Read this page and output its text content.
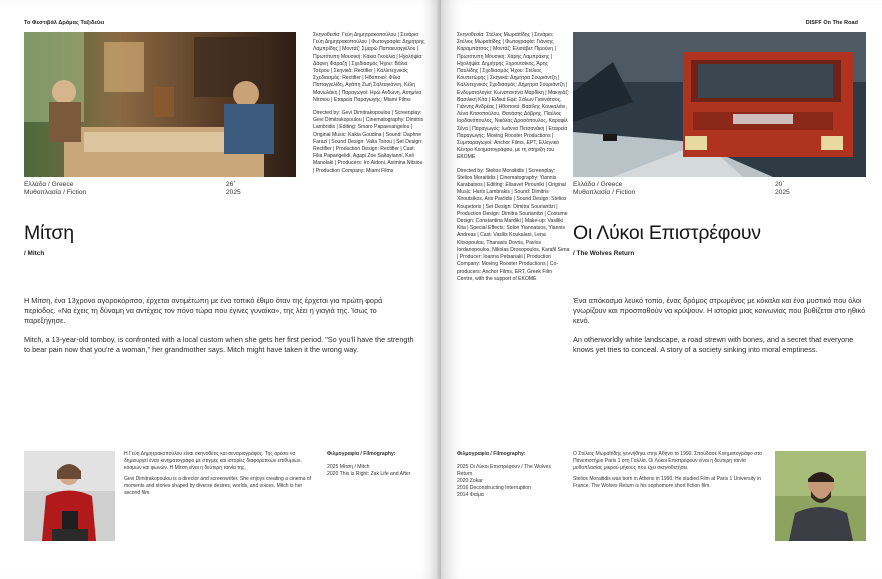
Το Φεστιβάλ Δράμας Ταξιδεύει
Ελλάδα / Greece	26΄
Μυθοπλασία / Fiction	2025
Μίτση
/ Mitch

Η Μίτση, ένα 13χρονο αγοροκόριτσο, έρχεται αντιμέτωπη με ένα τοπικό έθιμο όταν της έρχεται για πρώτη φορά περίοδος. «Να έχεις τη δύναμη να αντέχεις τον πόνο τώρα που έγινες γυναίκα», της λέει η γιαγιά της. Ίσως το παρεξήγησε.

Mitch, a 13-year-old tomboy, is confronted with a local custom when she gets her first period. "So you'll have the strength to bear pain now that you're a woman," her grandmother says. Mitch might have taken it the wrong way.

Σκηνοθεσία: Γεύη Δημητρακοπούλου | Σενάριο: Γεύη Δημητρακοπούλου | Φωτογραφία: Δημήτρης Λαμπρίδης | Μοντάζ: Σμαρώ Παπαευαγγέλου | Πρωτότυπη Μουσική: Κάκια Γκούλια | Ηχολήψία: Δάφνη Φαραζή | Σχεδιασμός Ήχου: Βάλια Τσέρου | Σκηνικά: Rectifier | Καλλιτεχνικός Σχεδιασμός: Rectifier | Ηθοποιοί: Φίλια Παπαγγελίδη, Αγάπη Ζωή Σαλταγιάννη, Κέλη Μανωλάκη | Παραγωγοί: Ηρώ Ανδώνη, Ασημίνα Νίτσιου | Εταιρεία Παραγωγής: Miami Films

Directed by: Gevi Dimitrakopoulou | Screenplay: Gevi Dimitrakopoulou | Cinematography: Dimitris Lambridis | Editing: Smaro Papaevangelou | Original Music: Kakia Goudina | Sound: Daphne Farazi | Sound Design: Valia Tsirou | Set Design: Rectifier | Production Design: Rectifier | Cast: Filia Paparigeiidi, Agapi Zoe Saltayianni, Keli Manolaki | Producers: Iro Aidoni, Asimina Nitsiou | Production Company: Miami Films

Η Γεύη Δημητρακοπούλου είναι σκηνοθέτις και σεναριογράφος. Της αρέσει να δημιουργεί έναν κινηματογράφο με στιγμές και ιστορίες διαφορετικών επιθυμιών, κόσμων και φωνών. Η Μίτση είναι η δεύτερη ταινία της.

Gevi Dimitrakopoulou is a director and screenwriter. She enjoys creating a cinema of moments and stories shaped by diverse desires, worlds, and voices. Mitch is her second film.

Φιλμογραφία / Filmography:
2025 Μίτση / Mitch
2020 This is Right: Zak Life and After
DISFF On The Road

Σκηνοθεσία: Στέλιος Μωραϊτίδης | Σενάριο: Στέλιος Μωραϊτίδης | Φωτογραφία: Γιάννης Καραμπάτσος | Μοντάζ: Ελισάβετ Πιρούνη | Πρωτότυπη Μουσική: Χάρης Λαμπράκης | Ηχολήψία: Δημήτρης Ξηρουτσίκος, Άρης Παυλίδης | Σχεδιασμός Ήχου: Στέλιος Κουπετώρης | Σκηνικά: Δημήτρα Σουριάντζη | Καλλιτεχνικός Σχεδιασμός: Δήμητρα Σουριάντζη | Ενδυματολογία: Κωνσταντίνα Μαρδίκη | Μακιγιάζ: Βασιλική Κίτα | Ειδικά Εφέ: Σόλων Γιαννάτσος, Γιάννης Ανδρέας | Ηθοποιοί: Βασίλης Κουκαλάνι, Λένα Κιτσοπούλου, Θανάσης Δόβρης, Παύλος Ιορδανόπουλος, Νικόλας Δροσόπουλος, Καραφίλ Σένα | Παραγωγός: Ιωάννα Πετσανάκη | Εταιρεία Παραγωγής: Moving Rooster Productions | Συμπαραγωγοί: Anchor Films, ΕΡΤ, Ελληνικό Κέντρο Κινηματογράφου, με τη στήριξη του ΕΚΟΜΕ

Directed by: Stelios Moraitidis | Screenplay: Stelios Moraitidis | Cinematography: Yiannis Karabatsos | Editing: Elisavet Pirouniki | Original Music: Haris Lambrakis | Sound: Dimitris Xiroutsikos, Aris Pavlidis | Sound Design: Stelios Koupetoris | Set Design: Dimitra Sourianttzi | Production Design: Dimitra Sourianttzi | Costume Design: Constantina Mardiki | Make-up: Vasiliki Kita | Special Effects: Solon Yiannatsos, Yiannis Andreas | Cast: Vasilis Koukalani, Lena Kitsopoulou, Thanasis Dovris, Pavlos Iordanopoulos, Nikolas Drosopoulos, Karafil Sena | Producer: Ioanna Petsanaki | Production Company: Moving Rooster Productions | Co-producers: Anchor Films, ERT, Greek Film Centre, with the support of EKOME

Ελλάδα / Greece	20΄
Μυθοπλασία / Fiction	2025
Οι Λύκοι Επιστρέφουν
/ The Wolves Return

Ένα απόκοσμα λευκό τοπίο, ένας δρόμος στρωμένος με κόκαλα και ένα μυστικό που όλοι γνωρίζουν και προσπαθούν να κρύψουν. Η ιστορία μιας κοινωνίας που βυθίζεται στο ηθικό κενό.

An otherworldly white landscape, a road strewn with bones, and a secret that everyone knows yet tries to conceal. A story of a society sinking into moral emptiness.

Φιλμογραφία / Filmography:
2025 Οι Λύκοι Επιστρέφουν / The Wolves Return
2020 Zokar
2016 Deconstructing Interruption
2014 Φαίμα

Ο Στέλιος Μωραϊτίδης γεννήθηκε στην Αθήνα το 1990. Σπούδασε Κινηματογράφο στο Πανεπιστήμιο Paris 1 στη Γαλλία. Οι Λύκοι Επιστρέφουν είναι η δεύτερη ταινία μυθοπλασίας μικρού μήκους που έχει σκηνοθετήσει.

Stelios Moraitidis was born in Athens in 1990. He studied Film at Paris 1 University in France. The Wolves Return is his sophomore short fiction film.
